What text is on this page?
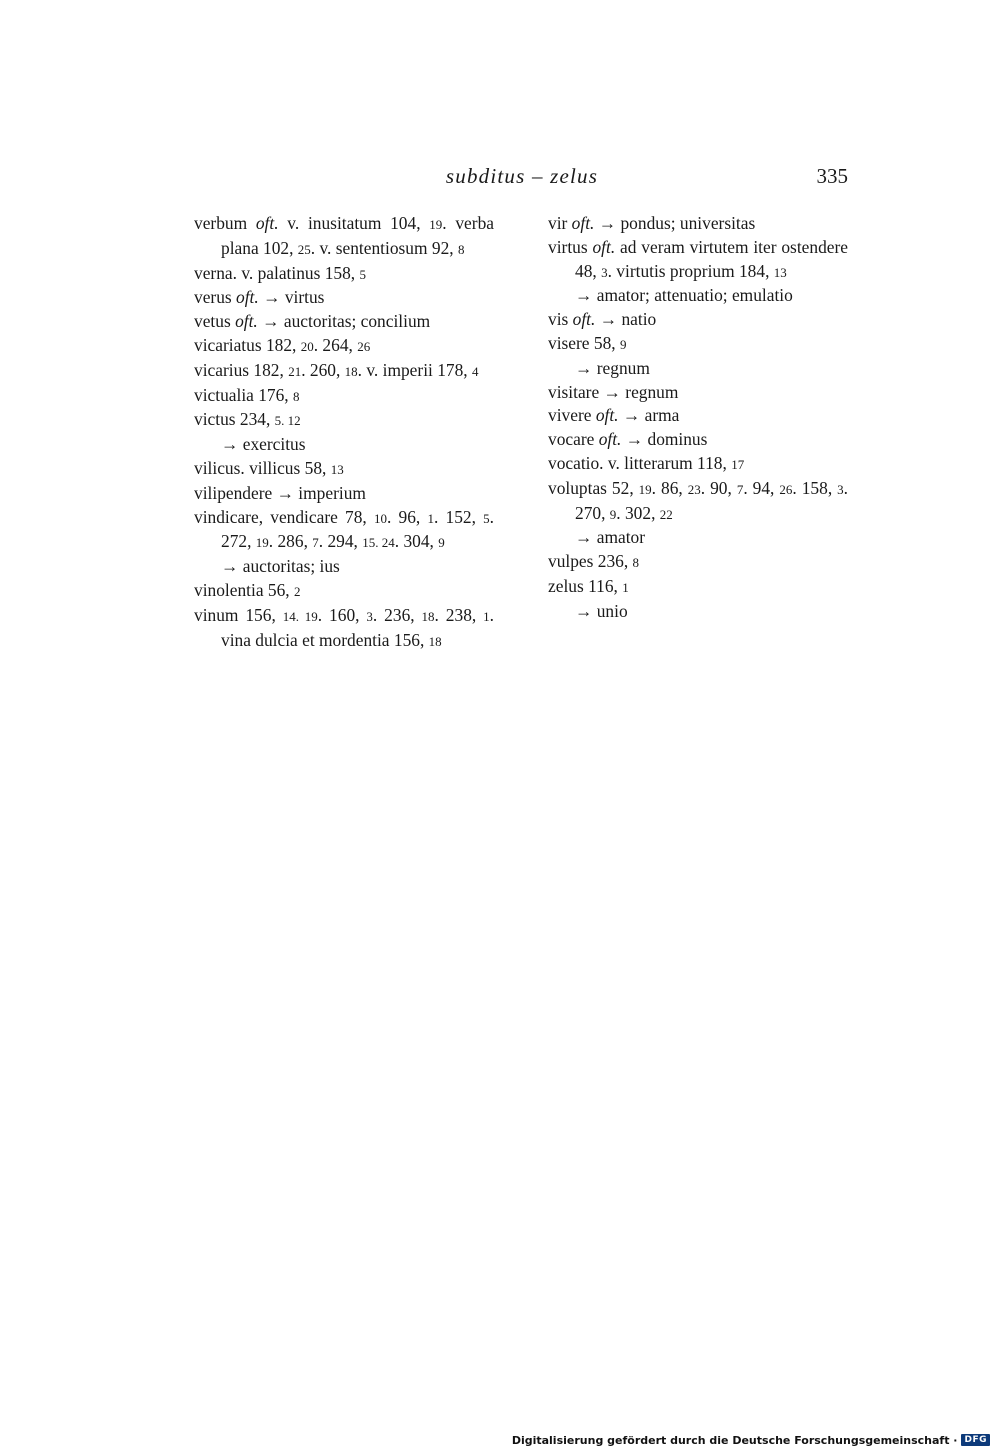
subditus – zelus	335

verbum oft. v. inusitatum 104, 19. verba plana 102, 25. v. sententiosum 92, 8

verna. v. palatinus 158, 5

verus oft. → virtus

vetus oft. → auctoritas; concilium

vicariatus 182, 20. 264, 26

vicarius 182, 21. 260, 18. v. imperii 178, 4

victualia 176, 8

victus 234, 5. 12

→ exercitus

vilicus. villicus 58, 13

vilipendere → imperium

vindicare, vendicare 78, 10. 96, 1. 152, 5. 272, 19. 286, 7. 294, 15. 24. 304, 9

→ auctoritas; ius

vinolentia 56, 2

vinum 156, 14. 19. 160, 3. 236, 18. 238, 1. vina dulcia et mordentia 156, 18

vir oft. → pondus; universitas

virtus oft. ad veram virtutem iter ostendere 48, 3. virtutis proprium 184, 13

→ amator; attenuatio; emulatio

vis oft. → natio

visere 58, 9

→ regnum

visitare → regnum

vivere oft. → arma

vocare oft. → dominus

vocatio. v. litterarum 118, 17

voluptas 52, 19. 86, 23. 90, 7. 94, 26. 158, 3. 270, 9. 302, 22

→ amator

vulpes 236, 8

zelus 116, 1

→ unio

Digitalisierung gefördert durch die Deutsche Forschungsgemeinschaft · DFG
